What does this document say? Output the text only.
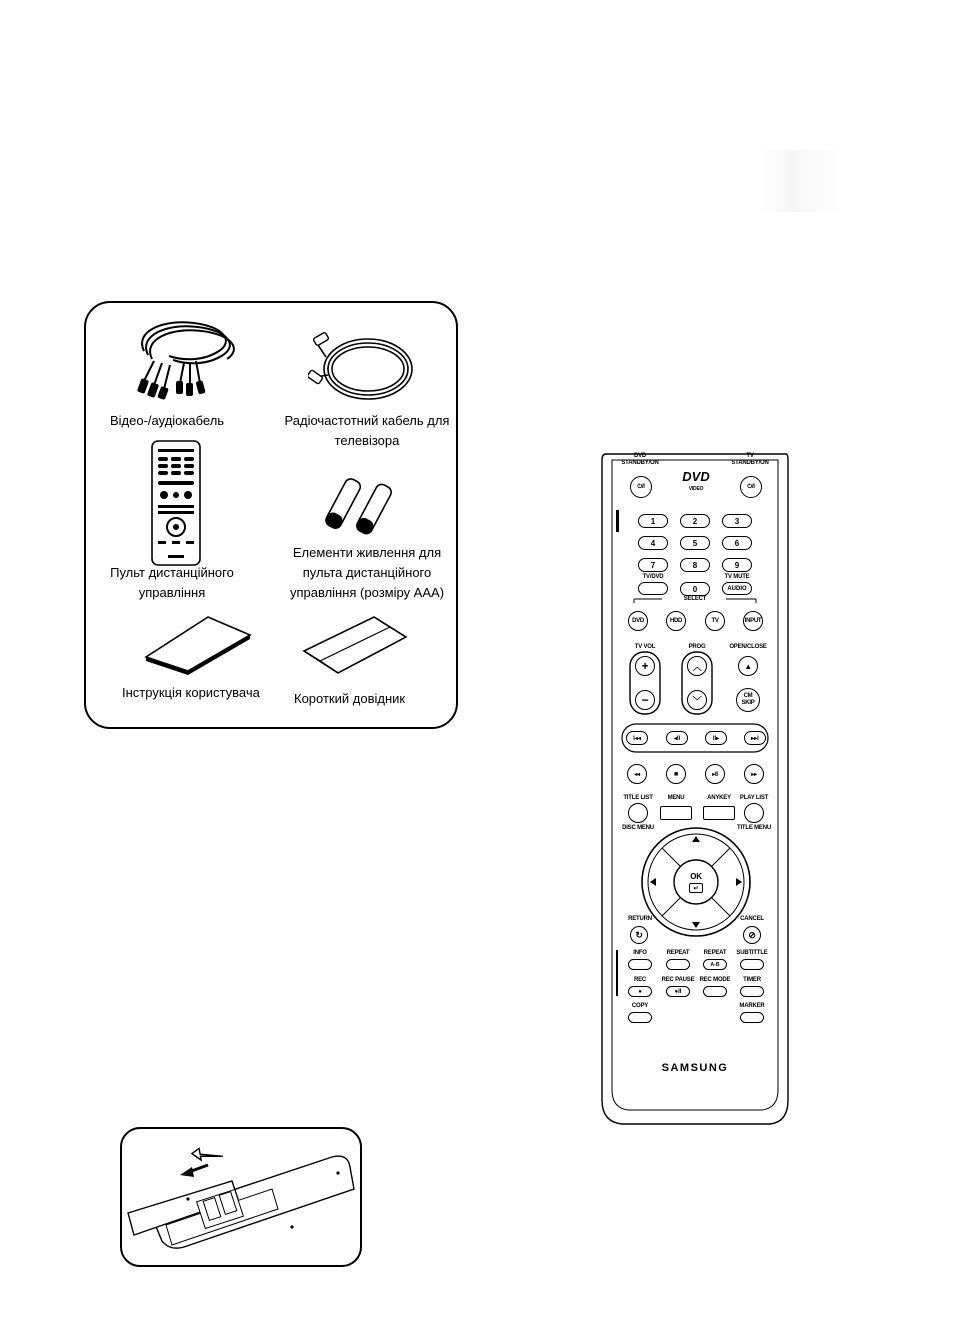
Відео-/аудіокабель	Радіочастотний кабель для
телевізора
Пульт дистанційного
управління
Елементи живлення для
пульта дистанційного
управління (розміру AAA)
Інструкція користувача	Короткий довідник
DVD
STANDBY/ON
⏻/I
TV
STANDBY/ON
⏻/I
DVD
VIDEO
1	2	3
4	5	6
7	8	9
TV/DVD
0
TV MUTE
AUDIO
SELECT
DVD	HDD	TV	INPUT
TV VOL
+
−
PROG
︿
﹀
OPEN/CLOSE
▲
CM
SKIP
I◂◂	◂II	II▸	▸▸I
◂◂	■	▸II	▸▸
TITLE LIST
DISC MENU
MENU	ANYKEY PLAY LIST
TITLE MENU
OK
↵
RETURN
↻
CANCEL
⊘
INFO	REPEAT REPEAT
A-B
SUBTITTLE
REC
●
REC PAUSE
●II
REC MODE TIMER
COPY	MARKER
SAMSUNG
